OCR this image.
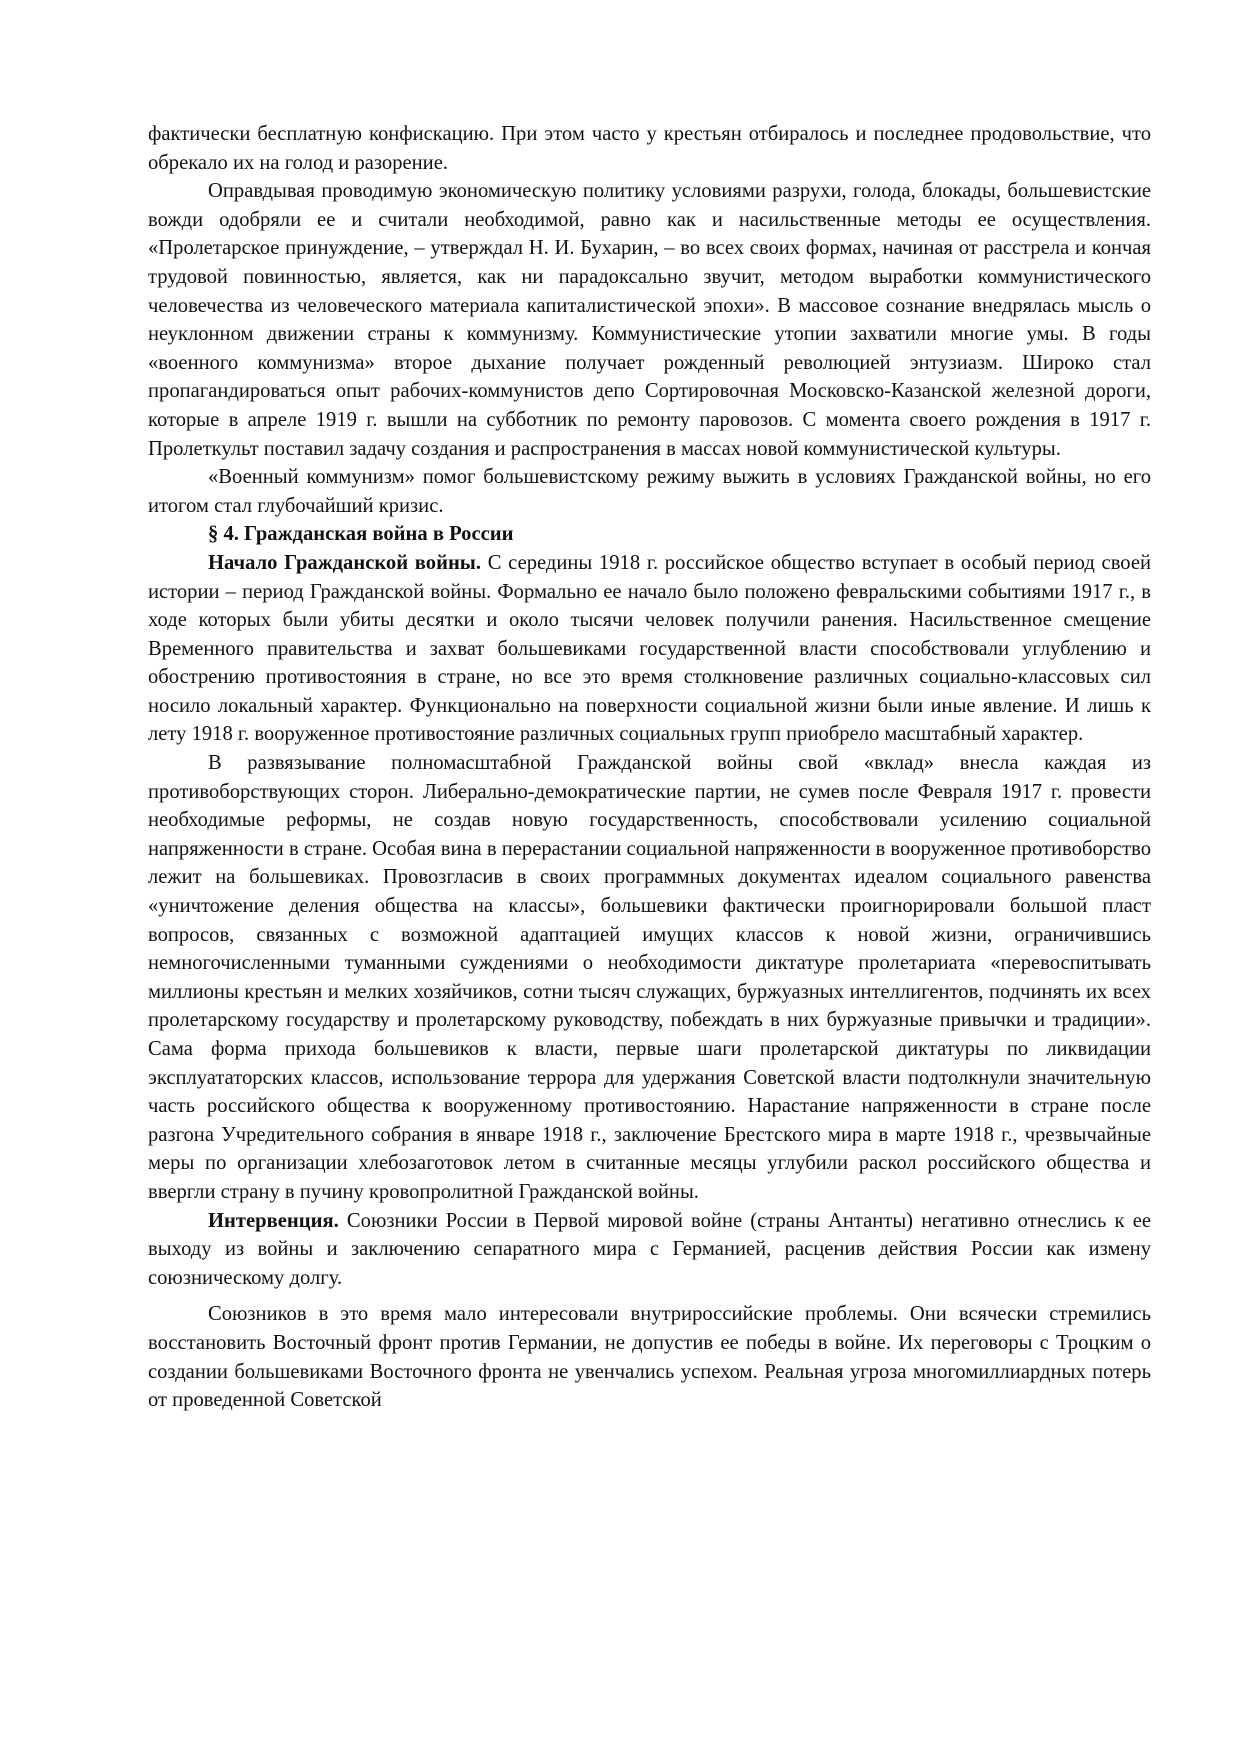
фактически бесплатную конфискацию. При этом часто у крестьян отбиралось и последнее продовольствие, что обрекало их на голод и разорение.

Оправдывая проводимую экономическую политику условиями разрухи, голода, блокады, большевистские вожди одобряли ее и считали необходимой, равно как и насильственные методы ее осуществления. «Пролетарское принуждение, – утверждал Н. И. Бухарин, – во всех своих формах, начиная от расстрела и кончая трудовой повинностью, является, как ни парадоксально звучит, методом выработки коммунистического человечества из человеческого материала капиталистической эпохи». В массовое сознание внедрялась мысль о неуклонном движении страны к коммунизму. Коммунистические утопии захватили многие умы. В годы «военного коммунизма» второе дыхание получает рожденный революцией энтузиазм. Широко стал пропагандироваться опыт рабочих-коммунистов депо Сортировочная Московско-Казанской железной дороги, которые в апреле 1919 г. вышли на субботник по ремонту паровозов. С момента своего рождения в 1917 г. Пролеткульт поставил задачу создания и распространения в массах новой коммунистической культуры.

«Военный коммунизм» помог большевистскому режиму выжить в условиях Гражданской войны, но его итогом стал глубочайший кризис.

§ 4. Гражданская война в России

Начало Гражданской войны. С середины 1918 г. российское общество вступает в особый период своей истории – период Гражданской войны. Формально ее начало было положено февральскими событиями 1917 г., в ходе которых были убиты десятки и около тысячи человек получили ранения. Насильственное смещение Временного правительства и захват большевиками государственной власти способствовали углублению и обострению противостояния в стране, но все это время столкновение различных социально-классовых сил носило локальный характер. Функционально на поверхности социальной жизни были иные явление. И лишь к лету 1918 г. вооруженное противостояние различных социальных групп приобрело масштабный характер.

В развязывание полномасштабной Гражданской войны свой «вклад» внесла каждая из противоборствующих сторон. Либерально-демократические партии, не сумев после Февраля 1917 г. провести необходимые реформы, не создав новую государственность, способствовали усилению социальной напряженности в стране. Особая вина в перерастании социальной напряженности в вооруженное противоборство лежит на большевиках. Провозгласив в своих программных документах идеалом социального равенства «уничтожение деления общества на классы», большевики фактически проигнорировали большой пласт вопросов, связанных с возможной адаптацией имущих классов к новой жизни, ограничившись немногочисленными туманными суждениями о необходимости диктатуре пролетариата «перевоспитывать миллионы крестьян и мелких хозяйчиков, сотни тысяч служащих, буржуазных интеллигентов, подчинять их всех пролетарскому государству и пролетарскому руководству, побеждать в них буржуазные привычки и традиции». Сама форма прихода большевиков к власти, первые шаги пролетарской диктатуры по ликвидации эксплуататорских классов, использование террора для удержания Советской власти подтолкнули значительную часть российского общества к вооруженному противостоянию. Нарастание напряженности в стране после разгона Учредительного собрания в январе 1918 г., заключение Брестского мира в марте 1918 г., чрезвычайные меры по организации хлебозаготовок летом в считанные месяцы углубили раскол российского общества и ввергли страну в пучину кровопролитной Гражданской войны.

Интервенция. Союзники России в Первой мировой войне (страны Антанты) негативно отнеслись к ее выходу из войны и заключению сепаратного мира с Германией, расценив действия России как измену союзническому долгу.

Союзников в это время мало интересовали внутрироссийские проблемы. Они всячески стремились восстановить Восточный фронт против Германии, не допустив ее победы в войне. Их переговоры с Троцким о создании большевиками Восточного фронта не увенчались успехом. Реальная угроза многомиллиардных потерь от проведенной Советской
